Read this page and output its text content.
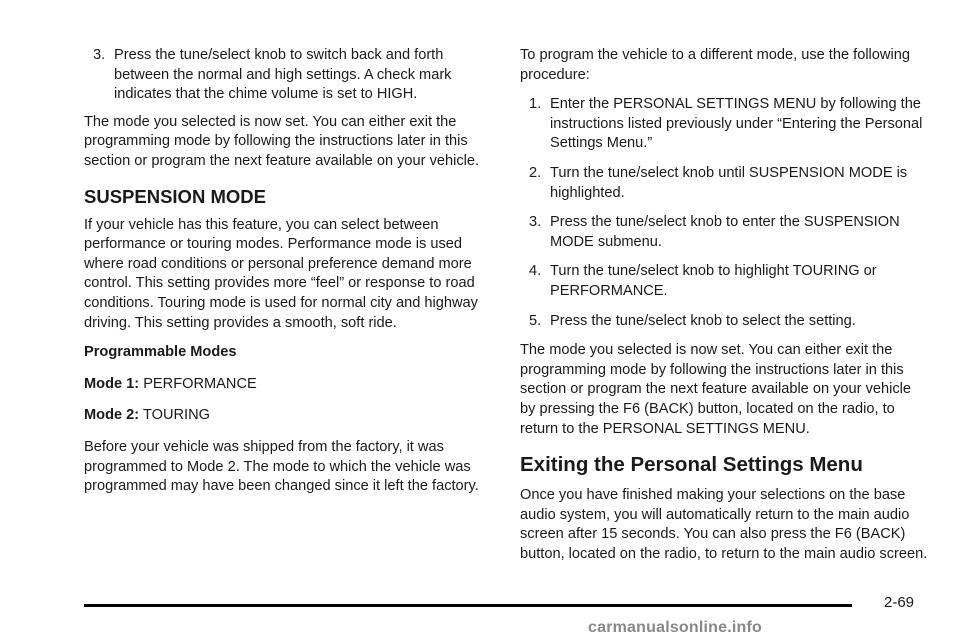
3. Press the tune/select knob to switch back and forth between the normal and high settings. A check mark indicates that the chime volume is set to HIGH.

The mode you selected is now set. You can either exit the programming mode by following the instructions later in this section or program the next feature available on your vehicle.

SUSPENSION MODE

If your vehicle has this feature, you can select between performance or touring modes. Performance mode is used where road conditions or personal preference demand more control. This setting provides more “feel” or response to road conditions. Touring mode is used for normal city and highway driving. This setting provides a smooth, soft ride.

Programmable Modes

Mode 1: PERFORMANCE

Mode 2: TOURING

Before your vehicle was shipped from the factory, it was programmed to Mode 2. The mode to which the vehicle was programmed may have been changed since it left the factory.

To program the vehicle to a different mode, use the following procedure:

1. Enter the PERSONAL SETTINGS MENU by following the instructions listed previously under “Entering the Personal Settings Menu.”
2. Turn the tune/select knob until SUSPENSION MODE is highlighted.
3. Press the tune/select knob to enter the SUSPENSION MODE submenu.
4. Turn the tune/select knob to highlight TOURING or PERFORMANCE.
5. Press the tune/select knob to select the setting.

The mode you selected is now set. You can either exit the programming mode by following the instructions later in this section or program the next feature available on your vehicle by pressing the F6 (BACK) button, located on the radio, to return to the PERSONAL SETTINGS MENU.

Exiting the Personal Settings Menu

Once you have finished making your selections on the base audio system, you will automatically return to the main audio screen after 15 seconds. You can also press the F6 (BACK) button, located on the radio, to return to the main audio screen.

2-69
carmanualsonline.info
